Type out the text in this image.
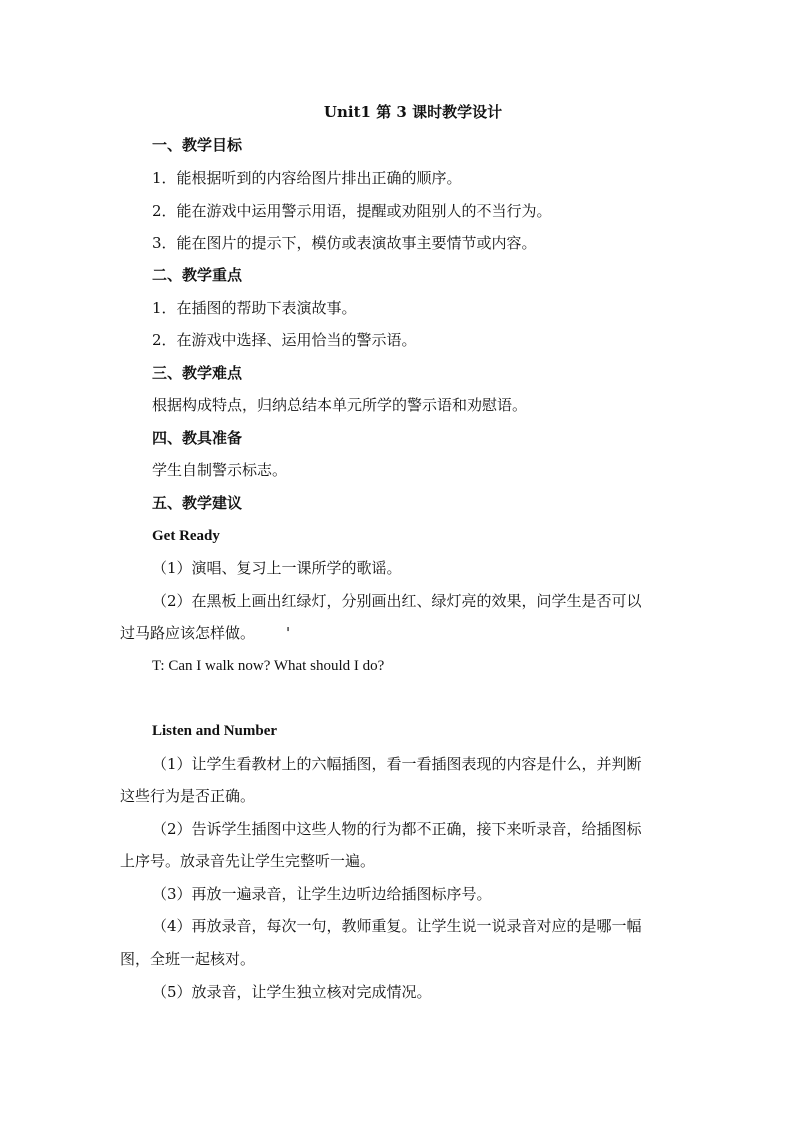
Unit1 第 3 课时教学设计
一、教学目标
1．能根据听到的内容给图片排出正确的顺序。
2．能在游戏中运用警示用语，提醒或劝阻别人的不当行为。
3．能在图片的提示下，模仿或表演故事主要情节或内容。
二、教学重点
1．在插图的帮助下表演故事。
2．在游戏中选择、运用恰当的警示语。
三、教学难点
根据构成特点，归纳总结本单元所学的警示语和劝慰语。
四、教具准备
学生自制警示标志。
五、教学建议
Get Ready
（1）演唱、复习上一课所学的歌谣。
（2）在黑板上画出红绿灯，分别画出红、绿灯亮的效果，问学生是否可以
过马路应该怎样做。 '
T: Can I walk now? What should I do?
Listen and Number
（1）让学生看教材上的六幅插图，看一看插图表现的内容是什么，并判断
这些行为是否正确。
（2）告诉学生插图中这些人物的行为都不正确，接下来听录音，给插图标
上序号。放录音先让学生完整听一遍。
（3）再放一遍录音，让学生边听边给插图标序号。
（4）再放录音，每次一句，教师重复。让学生说一说录音对应的是哪一幅
图，全班一起核对。
（5）放录音，让学生独立核对完成情况。
